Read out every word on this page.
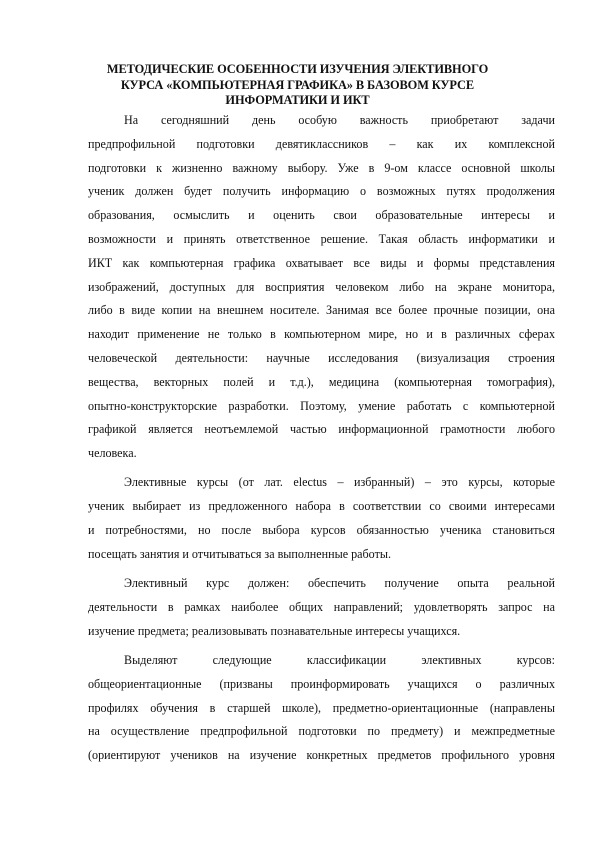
МЕТОДИЧЕСКИЕ ОСОБЕННОСТИ ИЗУЧЕНИЯ ЭЛЕКТИВНОГО
КУРСА «КОМПЬЮТЕРНАЯ ГРАФИКА» В БАЗОВОМ КУРСЕ
ИНФОРМАТИКИ И ИКТ
На сегодняшний день особую важность приобретают задачи
предпрофильной подготовки девятиклассников – как их комплексной
подготовки к жизненно важному выбору. Уже в 9-ом классе основной школы
ученик должен будет получить информацию о возможных путях продолжения
образования, осмыслить и оценить свои образовательные интересы и
возможности и принять ответственное решение. Такая область информатики и
ИКТ как компьютерная графика охватывает все виды и формы представления
изображений, доступных для восприятия человеком либо на экране монитора,
либо в виде копии на внешнем носителе. Занимая все более прочные позиции, она
находит применение не только в компьютерном мире, но и в различных сферах
человеческой деятельности: научные исследования (визуализация строения
вещества, векторных полей и т.д.), медицина (компьютерная томография),
опытно-конструкторские разработки. Поэтому, умение работать с компьютерной
графикой является неотъемлемой частью информационной грамотности любого
человека.
Элективные курсы (от лат. electus – избранный) – это курсы, которые
ученик выбирает из предложенного набора в соответствии со своими интересами
и потребностями, но после выбора курсов обязанностью ученика становиться
посещать занятия и отчитываться за выполненные работы.
Элективный курс должен: обеспечить получение опыта реальной
деятельности в рамках наиболее общих направлений; удовлетворять запрос на
изучение предмета; реализовывать познавательные интересы учащихся.
Выделяют следующие классификации элективных курсов:
общеориентационные (призваны проинформировать учащихся о различных
профилях обучения в старшей школе), предметно-ориентационные (направлены
на осуществление предпрофильной подготовки по предмету) и межпредметные
(ориентируют учеников на изучение конкретных предметов профильного уровня
